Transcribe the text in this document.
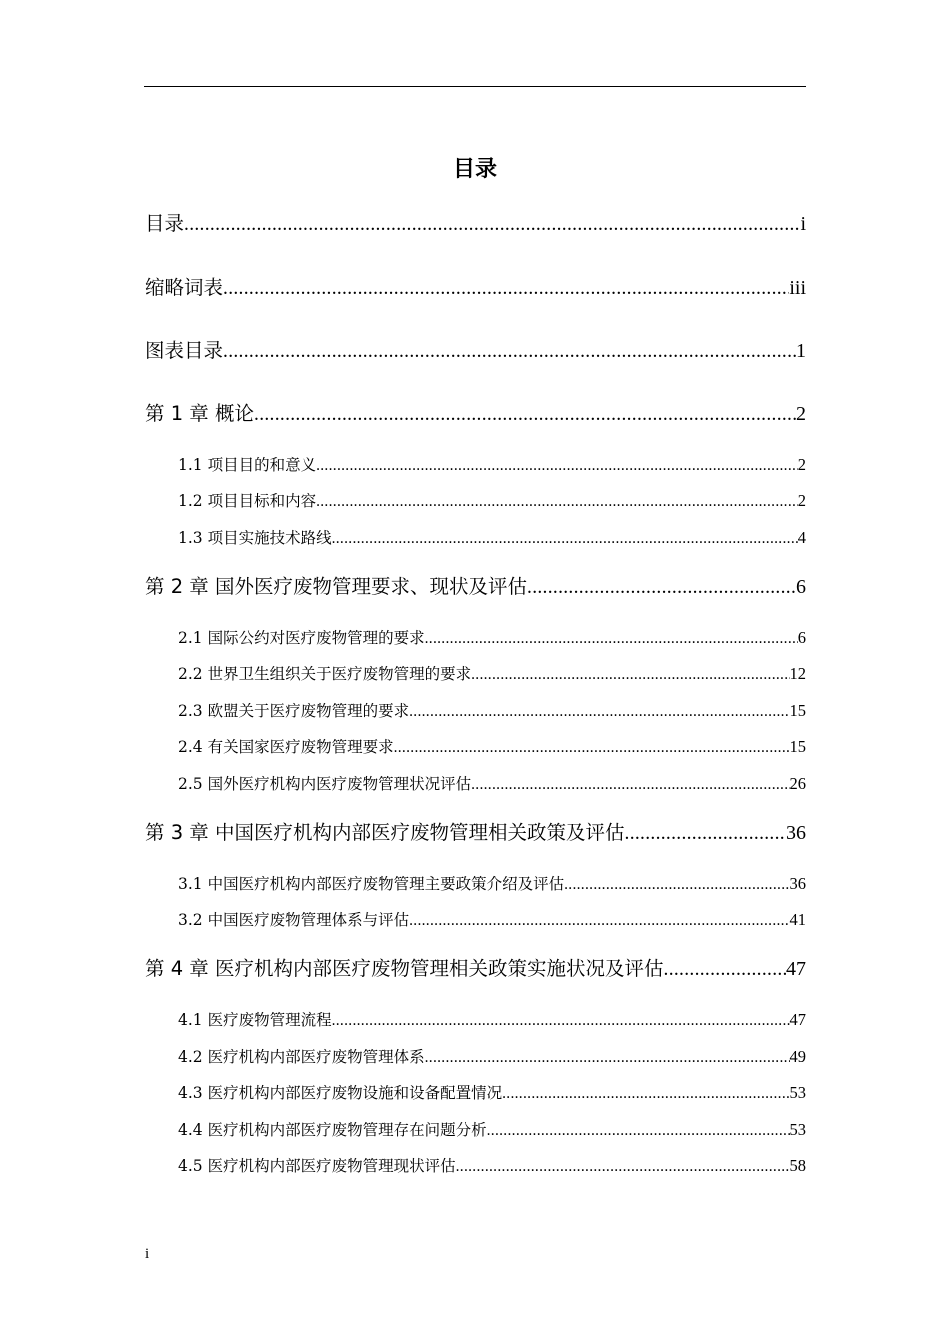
目录
目录 .....	i
缩略词表 .....	iii
图表目录 .....	1
第 1 章 概论 .....	2
1.1 项目目的和意义 .....	2
1.2 项目目标和内容 .....	2
1.3 项目实施技术路线 .....	4
第 2 章 国外医疗废物管理要求、现状及评估 .....	6
2.1 国际公约对医疗废物管理的要求 .....	6
2.2 世界卫生组织关于医疗废物管理的要求 .....	12
2.3 欧盟关于医疗废物管理的要求 .....	15
2.4 有关国家医疗废物管理要求 .....	15
2.5 国外医疗机构内医疗废物管理状况评估 .....	26
第 3 章 中国医疗机构内部医疗废物管理相关政策及评估 .....	36
3.1 中国医疗机构内部医疗废物管理主要政策介绍及评估 .....	36
3.2 中国医疗废物管理体系与评估 .....	41
第 4 章 医疗机构内部医疗废物管理相关政策实施状况及评估 .....	47
4.1 医疗废物管理流程 .....	47
4.2 医疗机构内部医疗废物管理体系 .....	49
4.3 医疗机构内部医疗废物设施和设备配置情况 .....	53
4.4 医疗机构内部医疗废物管理存在问题分析 .....	53
4.5 医疗机构内部医疗废物管理现状评估 .....	58
i
